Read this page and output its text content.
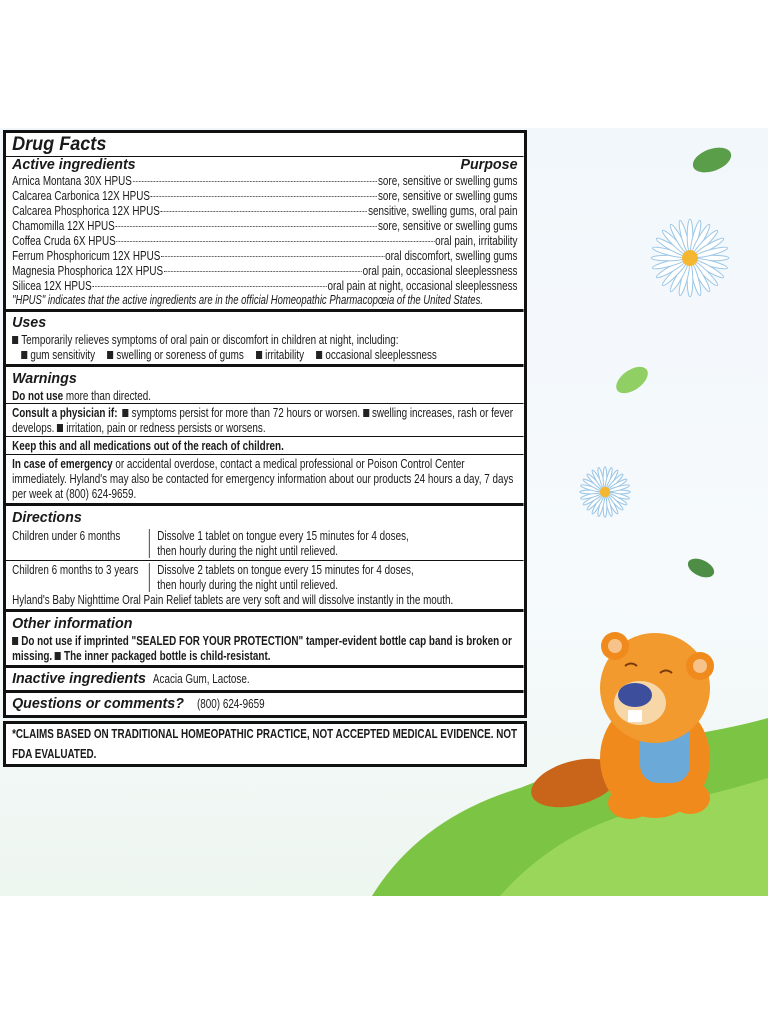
Drug Facts
Active ingredients	Purpose
Arnica Montana 30X HPUS	sore, sensitive or swelling gums
Calcarea Carbonica 12X HPUS	sore, sensitive or swelling gums
Calcarea Phosphorica 12X HPUS	sensitive, swelling gums, oral pain
Chamomilla 12X HPUS	sore, sensitive or swelling gums
Coffea Cruda 6X HPUS	oral pain, irritability
Ferrum Phosphoricum 12X HPUS	oral discomfort, swelling gums
Magnesia Phosphorica 12X HPUS	oral pain, occasional sleeplessness
Silicea 12X HPUS	oral pain at night, occasional sleeplessness
"HPUS" indicates that the active ingredients are in the official Homeopathic Pharmacopœia of the United States.
Uses
Temporarily relieves symptoms of oral pain or discomfort in children at night, including:
gum sensitivity swelling or soreness of gums irritability occasional sleeplessness
Warnings
Do not use more than directed.
Consult a physician if: symptoms persist for more than 72 hours or worsen. swelling increases, rash or fever develops. irritation, pain or redness persists or worsens.
Keep this and all medications out of the reach of children.
In case of emergency or accidental overdose, contact a medical professional or Poison Control Center immediately. Hyland's may also be contacted for emergency information about our products 24 hours a day, 7 days per week at (800) 624-9659.
Directions
Children under 6 months	Dissolve 1 tablet on tongue every 15 minutes for 4 doses,
then hourly during the night until relieved.
Children 6 months to 3 years	Dissolve 2 tablets on tongue every 15 minutes for 4 doses,
then hourly during the night until relieved.
Hyland's Baby Nighttime Oral Pain Relief tablets are very soft and will dissolve instantly in the mouth.
Other information
Do not use if imprinted "SEALED FOR YOUR PROTECTION" tamper-evident bottle cap band is broken or missing. The inner packaged bottle is child-resistant.
Inactive ingredients Acacia Gum, Lactose.
Questions or comments? (800) 624-9659
*CLAIMS BASED ON TRADITIONAL HOMEOPATHIC PRACTICE, NOT ACCEPTED MEDICAL EVIDENCE. NOT FDA EVALUATED.
